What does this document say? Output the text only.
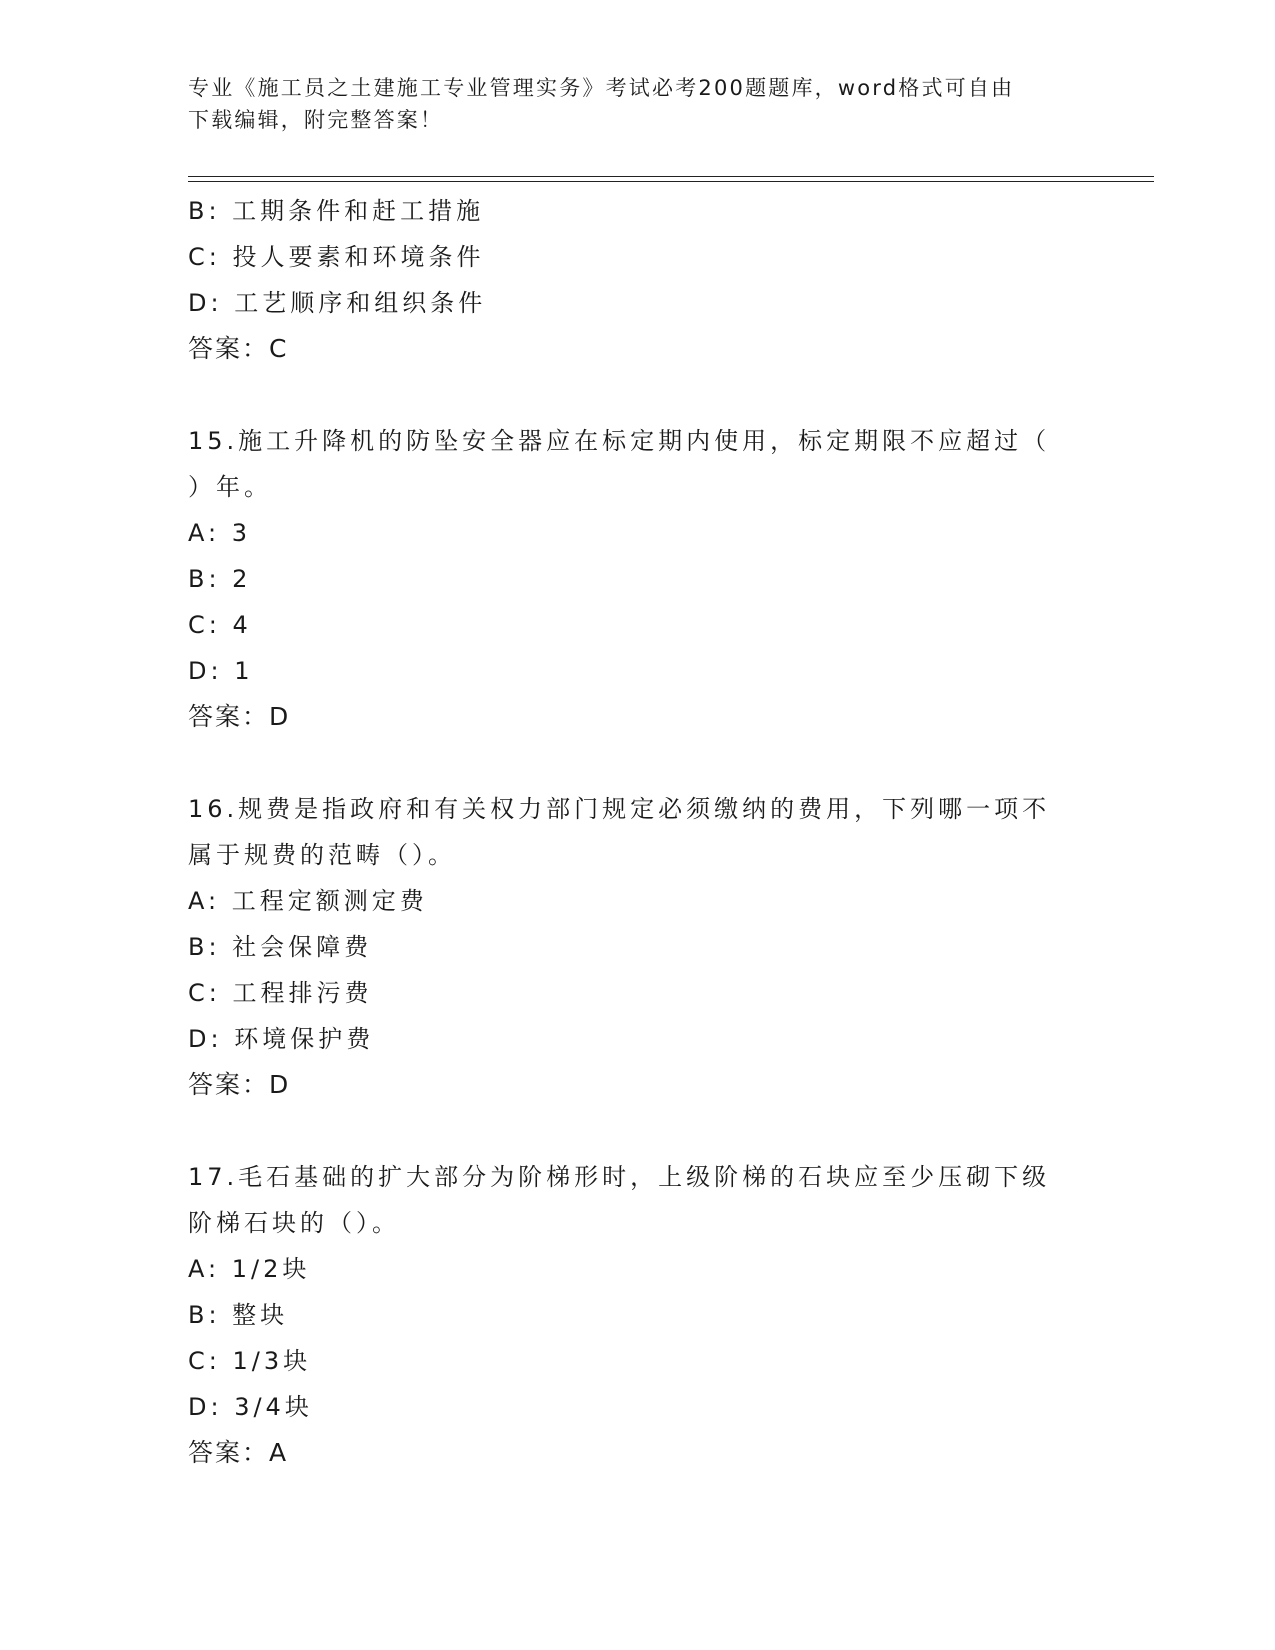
专业《施工员之土建施工专业管理实务》考试必考200题题库，word格式可自由
下载编辑，附完整答案！
B: 工期条件和赶工措施
C: 投人要素和环境条件
D: 工艺顺序和组织条件
答案：C
15.施工升降机的防坠安全器应在标定期内使用，标定期限不应超过（
）年。
A: 3
B: 2
C: 4
D: 1
答案：D
16.规费是指政府和有关权力部门规定必须缴纳的费用，下列哪一项不
属于规费的范畴（）。
A: 工程定额测定费
B: 社会保障费
C: 工程排污费
D: 环境保护费
答案：D
17.毛石基础的扩大部分为阶梯形时，上级阶梯的石块应至少压砌下级
阶梯石块的（）。
A: 1/2块
B: 整块
C: 1/3块
D: 3/4块
答案：A
